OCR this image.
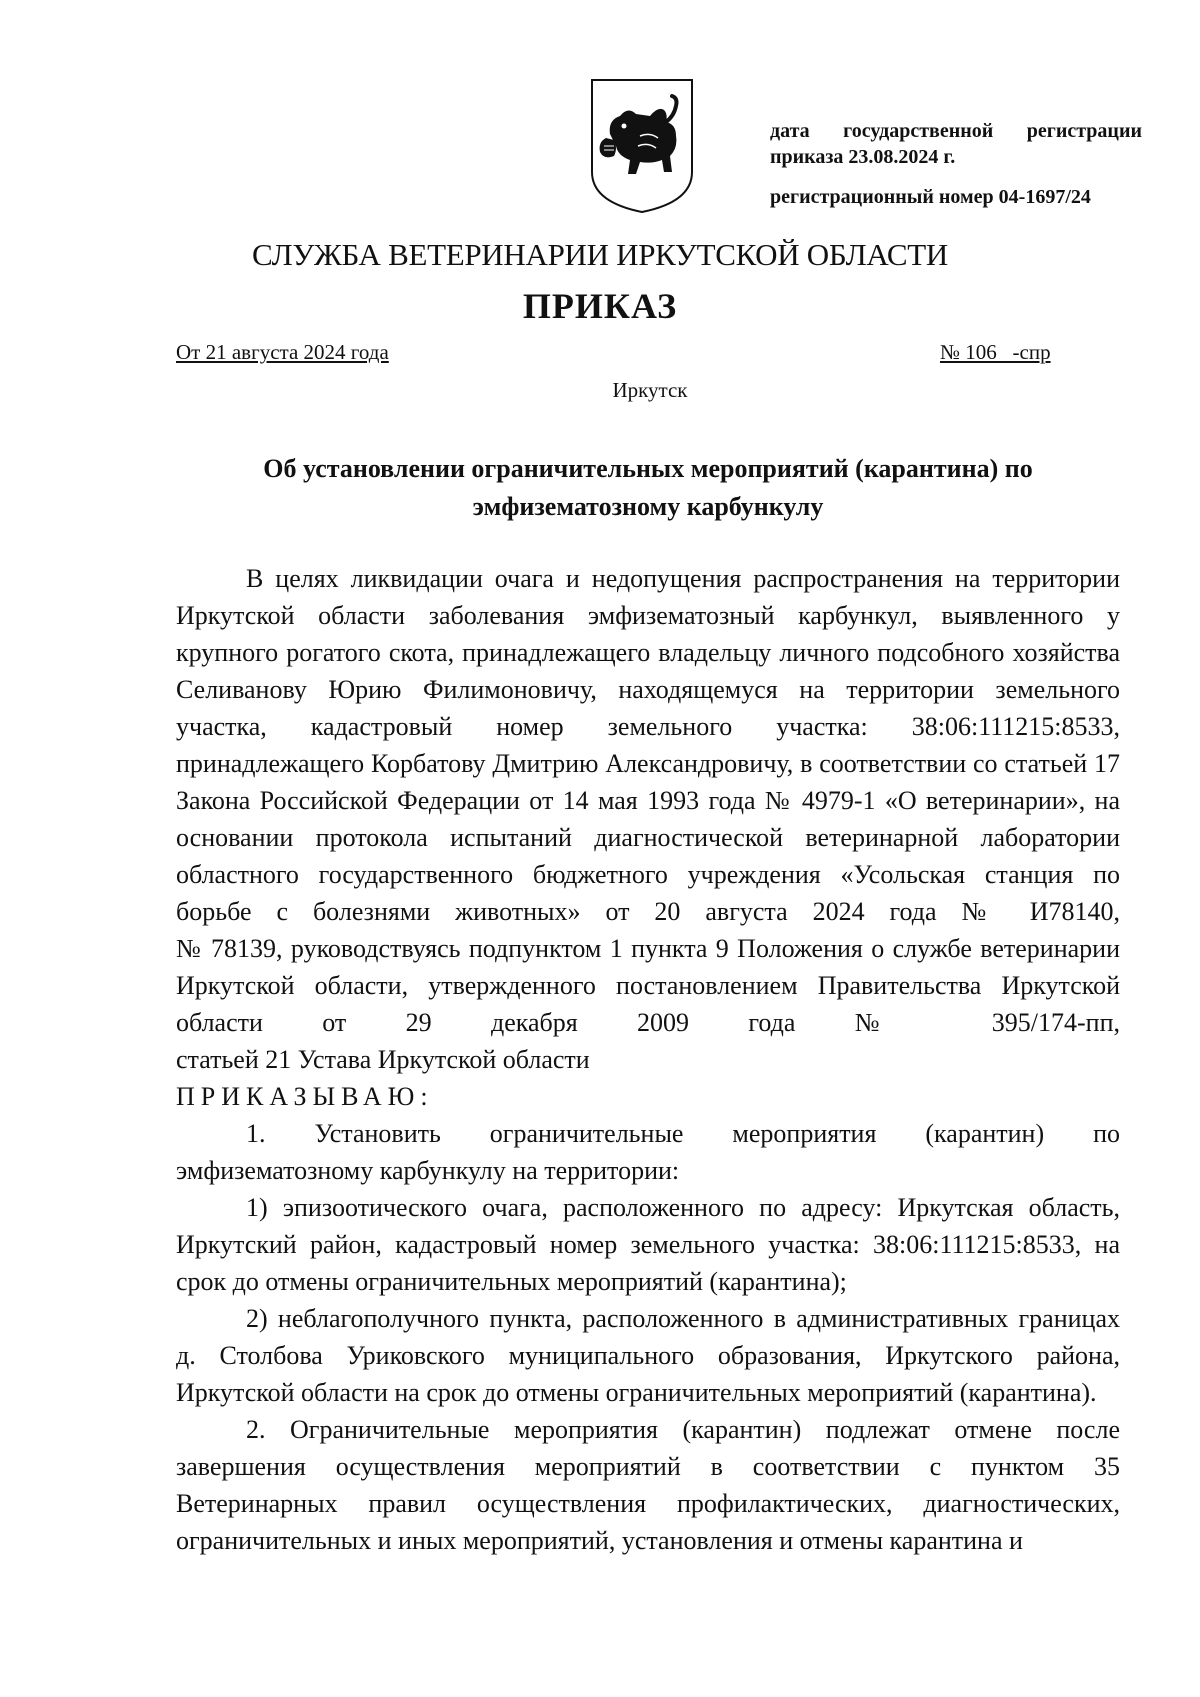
дата государственной регистрации
приказа 23.08.2024 г.
регистрационный номер 04-1697/24
СЛУЖБА ВЕТЕРИНАРИИ ИРКУТСКОЙ ОБЛАСТИ
ПРИКАЗ
От 21 августа 2024 года	№ 106   -спр
Иркутск
Об установлении ограничительных мероприятий (карантина) по эмфизематозному карбункулу

В целях ликвидации очага и недопущения распространения на территории Иркутской области заболевания эмфизематозный карбункул, выявленного у крупного рогатого скота, принадлежащего владельцу личного подсобного хозяйства Селиванову Юрию Филимоновичу, находящемуся на территории земельного участка, кадастровый номер земельного участка: 38:06:111215:8533, принадлежащего Корбатову Дмитрию Александровичу, в соответствии со статьей 17 Закона Российской Федерации от 14 мая 1993 года № 4979-1 «О ветеринарии», на основании протокола испытаний диагностической ветеринарной лаборатории областного государственного бюджетного учреждения «Усольская станция по борьбе с болезнями животных» от 20 августа 2024 года № И78140,

№ 78139, руководствуясь подпунктом 1 пункта 9 Положения о службе ветеринарии Иркутской области, утвержденного постановлением Правительства Иркутской области от 29 декабря 2009 года № 395/174-пп,

статьей 21 Устава Иркутской области

ПРИКАЗЫВАЮ:

1.    Установить    ограничительные    мероприятия    (карантин)    по эмфизематозному карбункулу на территории:

1) эпизоотического очага, расположенного по адресу: Иркутская область, Иркутский район, кадастровый номер земельного участка: 38:06:111215:8533, на срок до отмены ограничительных мероприятий (карантина);

2) неблагополучного пункта, расположенного в административных границах д. Столбова Уриковского муниципального образования, Иркутского района, Иркутской области на срок до отмены ограничительных мероприятий (карантина).

2. Ограничительные мероприятия (карантин) подлежат отмене после завершения осуществления мероприятий в соответствии с пунктом 35 Ветеринарных правил осуществления профилактических, диагностических, ограничительных и иных мероприятий, установления и отмены карантина и
